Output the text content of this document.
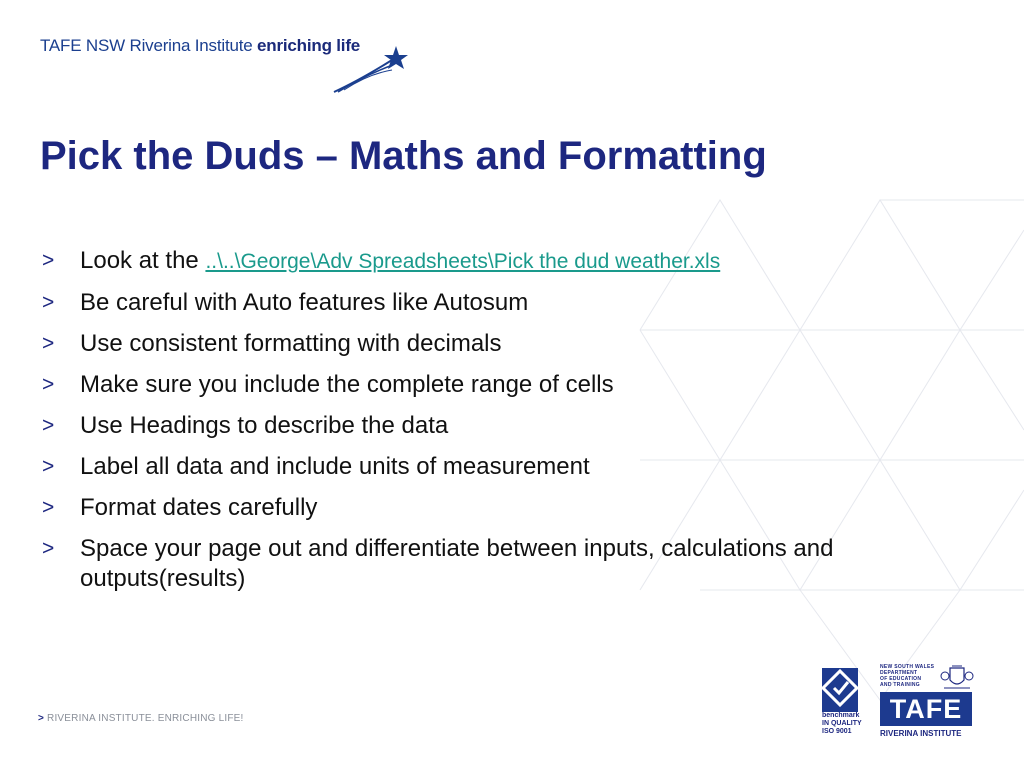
TAFE NSW Riverina Institute enriching life
Pick the Duds – Maths and Formatting
> Look at the ..\..\George\Adv Spreadsheets\Pick the dud weather.xls
> Be careful with Auto features like Autosum
> Use consistent formatting with decimals
> Make sure you include the complete range of cells
> Use Headings to describe the data
> Label all data and include units of measurement
> Format dates carefully
> Space your page out and differentiate between inputs, calculations and outputs(results)
> RIVERINA INSTITUTE. ENRICHING LIFE!	benchmark
IN QUALITY
ISO 9001
NEW SOUTH WALES
DEPARTMENT
OF EDUCATION
AND TRAINING
TAFE
RIVERINA INSTITUTE
